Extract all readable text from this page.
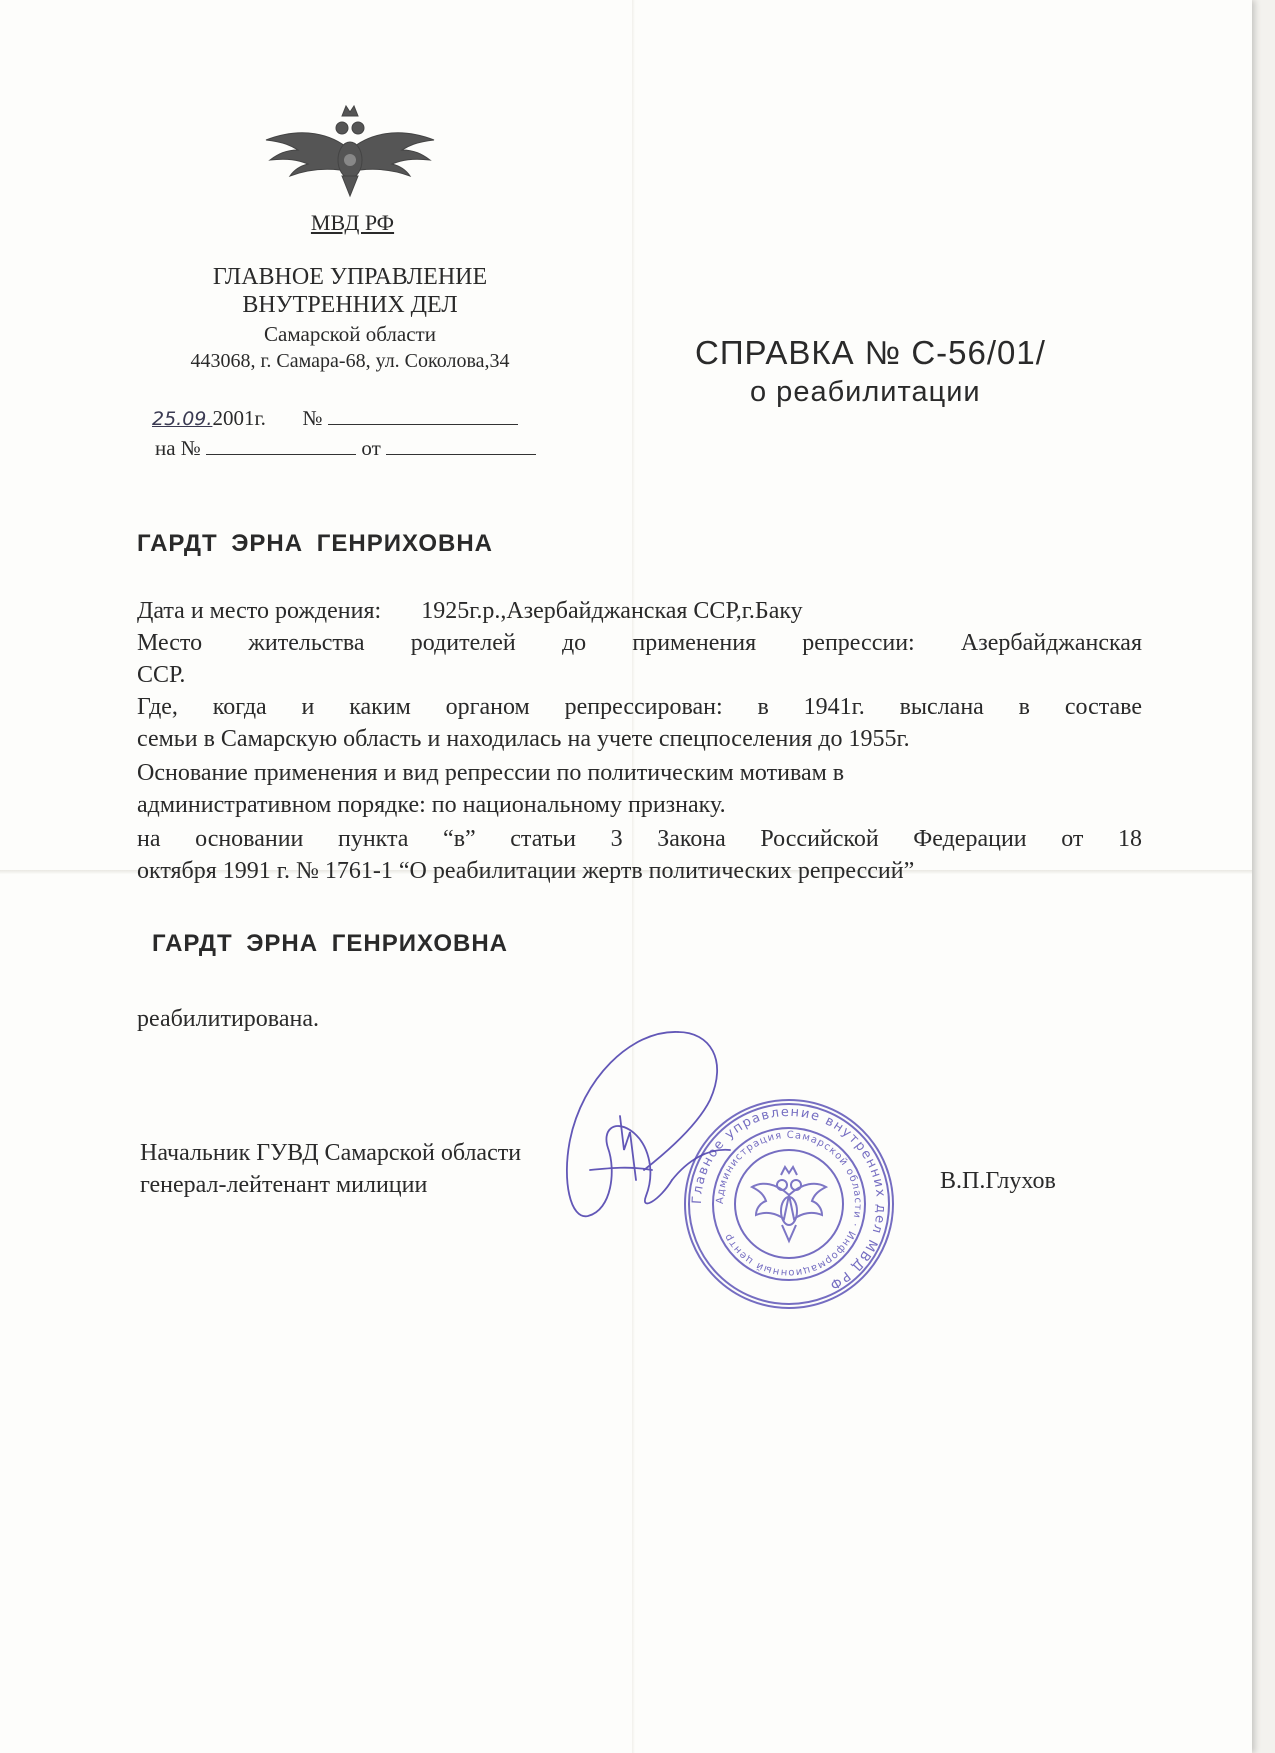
МВД РФ
ГЛАВНОЕ УПРАВЛЕНИЕ
ВНУТРЕННИХ ДЕЛ
Самарской области
443068, г. Самара-68, ул. Соколова,34	СПРАВКА № С-56/01/
о реабилитации
25.09.2001г. №
на №	от
ГАРДТ ЭРНА ГЕНРИХОВНА
Дата и место рождения: 1925г.р.,Азербайджанская ССР,г.Баку
Место жительства родителей до применения репрессии: Азербайджанская
ССР.
Где, когда и каким органом репрессирован: в 1941г. выслана в составе
семьи в Самарскую область и находилась на учете спецпоселения до 1955г.
Основание применения и вид репрессии по политическим мотивам в
административном порядке: по национальному признаку.
на основании пункта “в” статьи 3 Закона Российской Федерации от 18
октября 1991 г. № 1761-1 “О реабилитации жертв политических репрессий”
ГАРДТ ЭРНА ГЕНРИХОВНА
реабилитирована.
Начальник ГУВД Самарской области
генерал-лейтенант милиции	В.П.Глухов
Главное управление внутренних дел МВД РФ
Администрация Самарской области · Информационный центр
